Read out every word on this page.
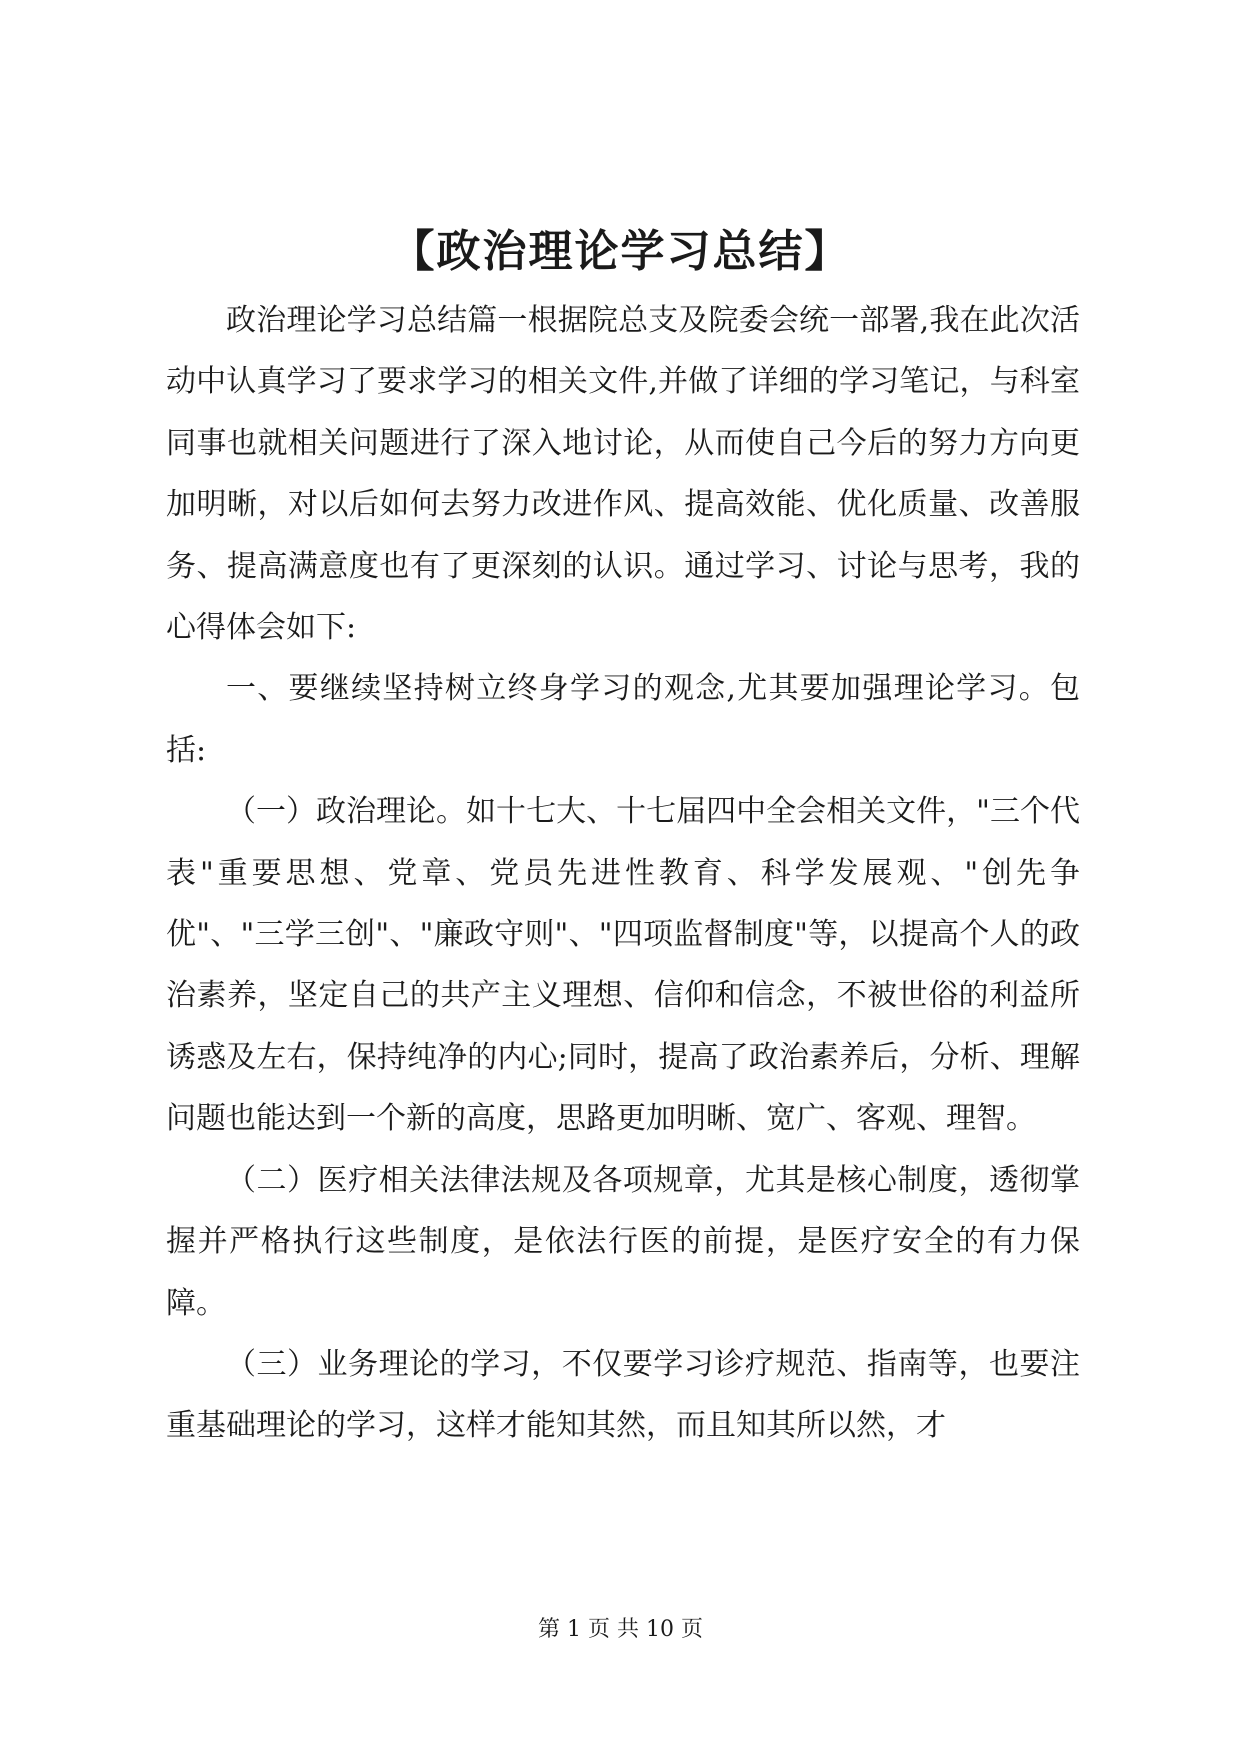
【政治理论学习总结】

政治理论学习总结篇一根据院总支及院委会统一部署,我在此次活动中认真学习了要求学习的相关文件,并做了详细的学习笔记，与科室同事也就相关问题进行了深入地讨论，从而使自己今后的努力方向更加明晰，对以后如何去努力改进作风、提高效能、优化质量、改善服务、提高满意度也有了更深刻的认识。通过学习、讨论与思考，我的心得体会如下:

一、要继续坚持树立终身学习的观念,尤其要加强理论学习。包括:

（一）政治理论。如十七大、十七届四中全会相关文件，"三个代表"重要思想、党章、党员先进性教育、科学发展观、"创先争优"、"三学三创"、"廉政守则"、"四项监督制度"等，以提高个人的政治素养，坚定自己的共产主义理想、信仰和信念，不被世俗的利益所诱惑及左右，保持纯净的内心;同时，提高了政治素养后，分析、理解问题也能达到一个新的高度，思路更加明晰、宽广、客观、理智。

（二）医疗相关法律法规及各项规章，尤其是核心制度，透彻掌握并严格执行这些制度，是依法行医的前提，是医疗安全的有力保障。

（三）业务理论的学习，不仅要学习诊疗规范、指南等，也要注重基础理论的学习，这样才能知其然，而且知其所以然，才

第 1 页 共 10 页
